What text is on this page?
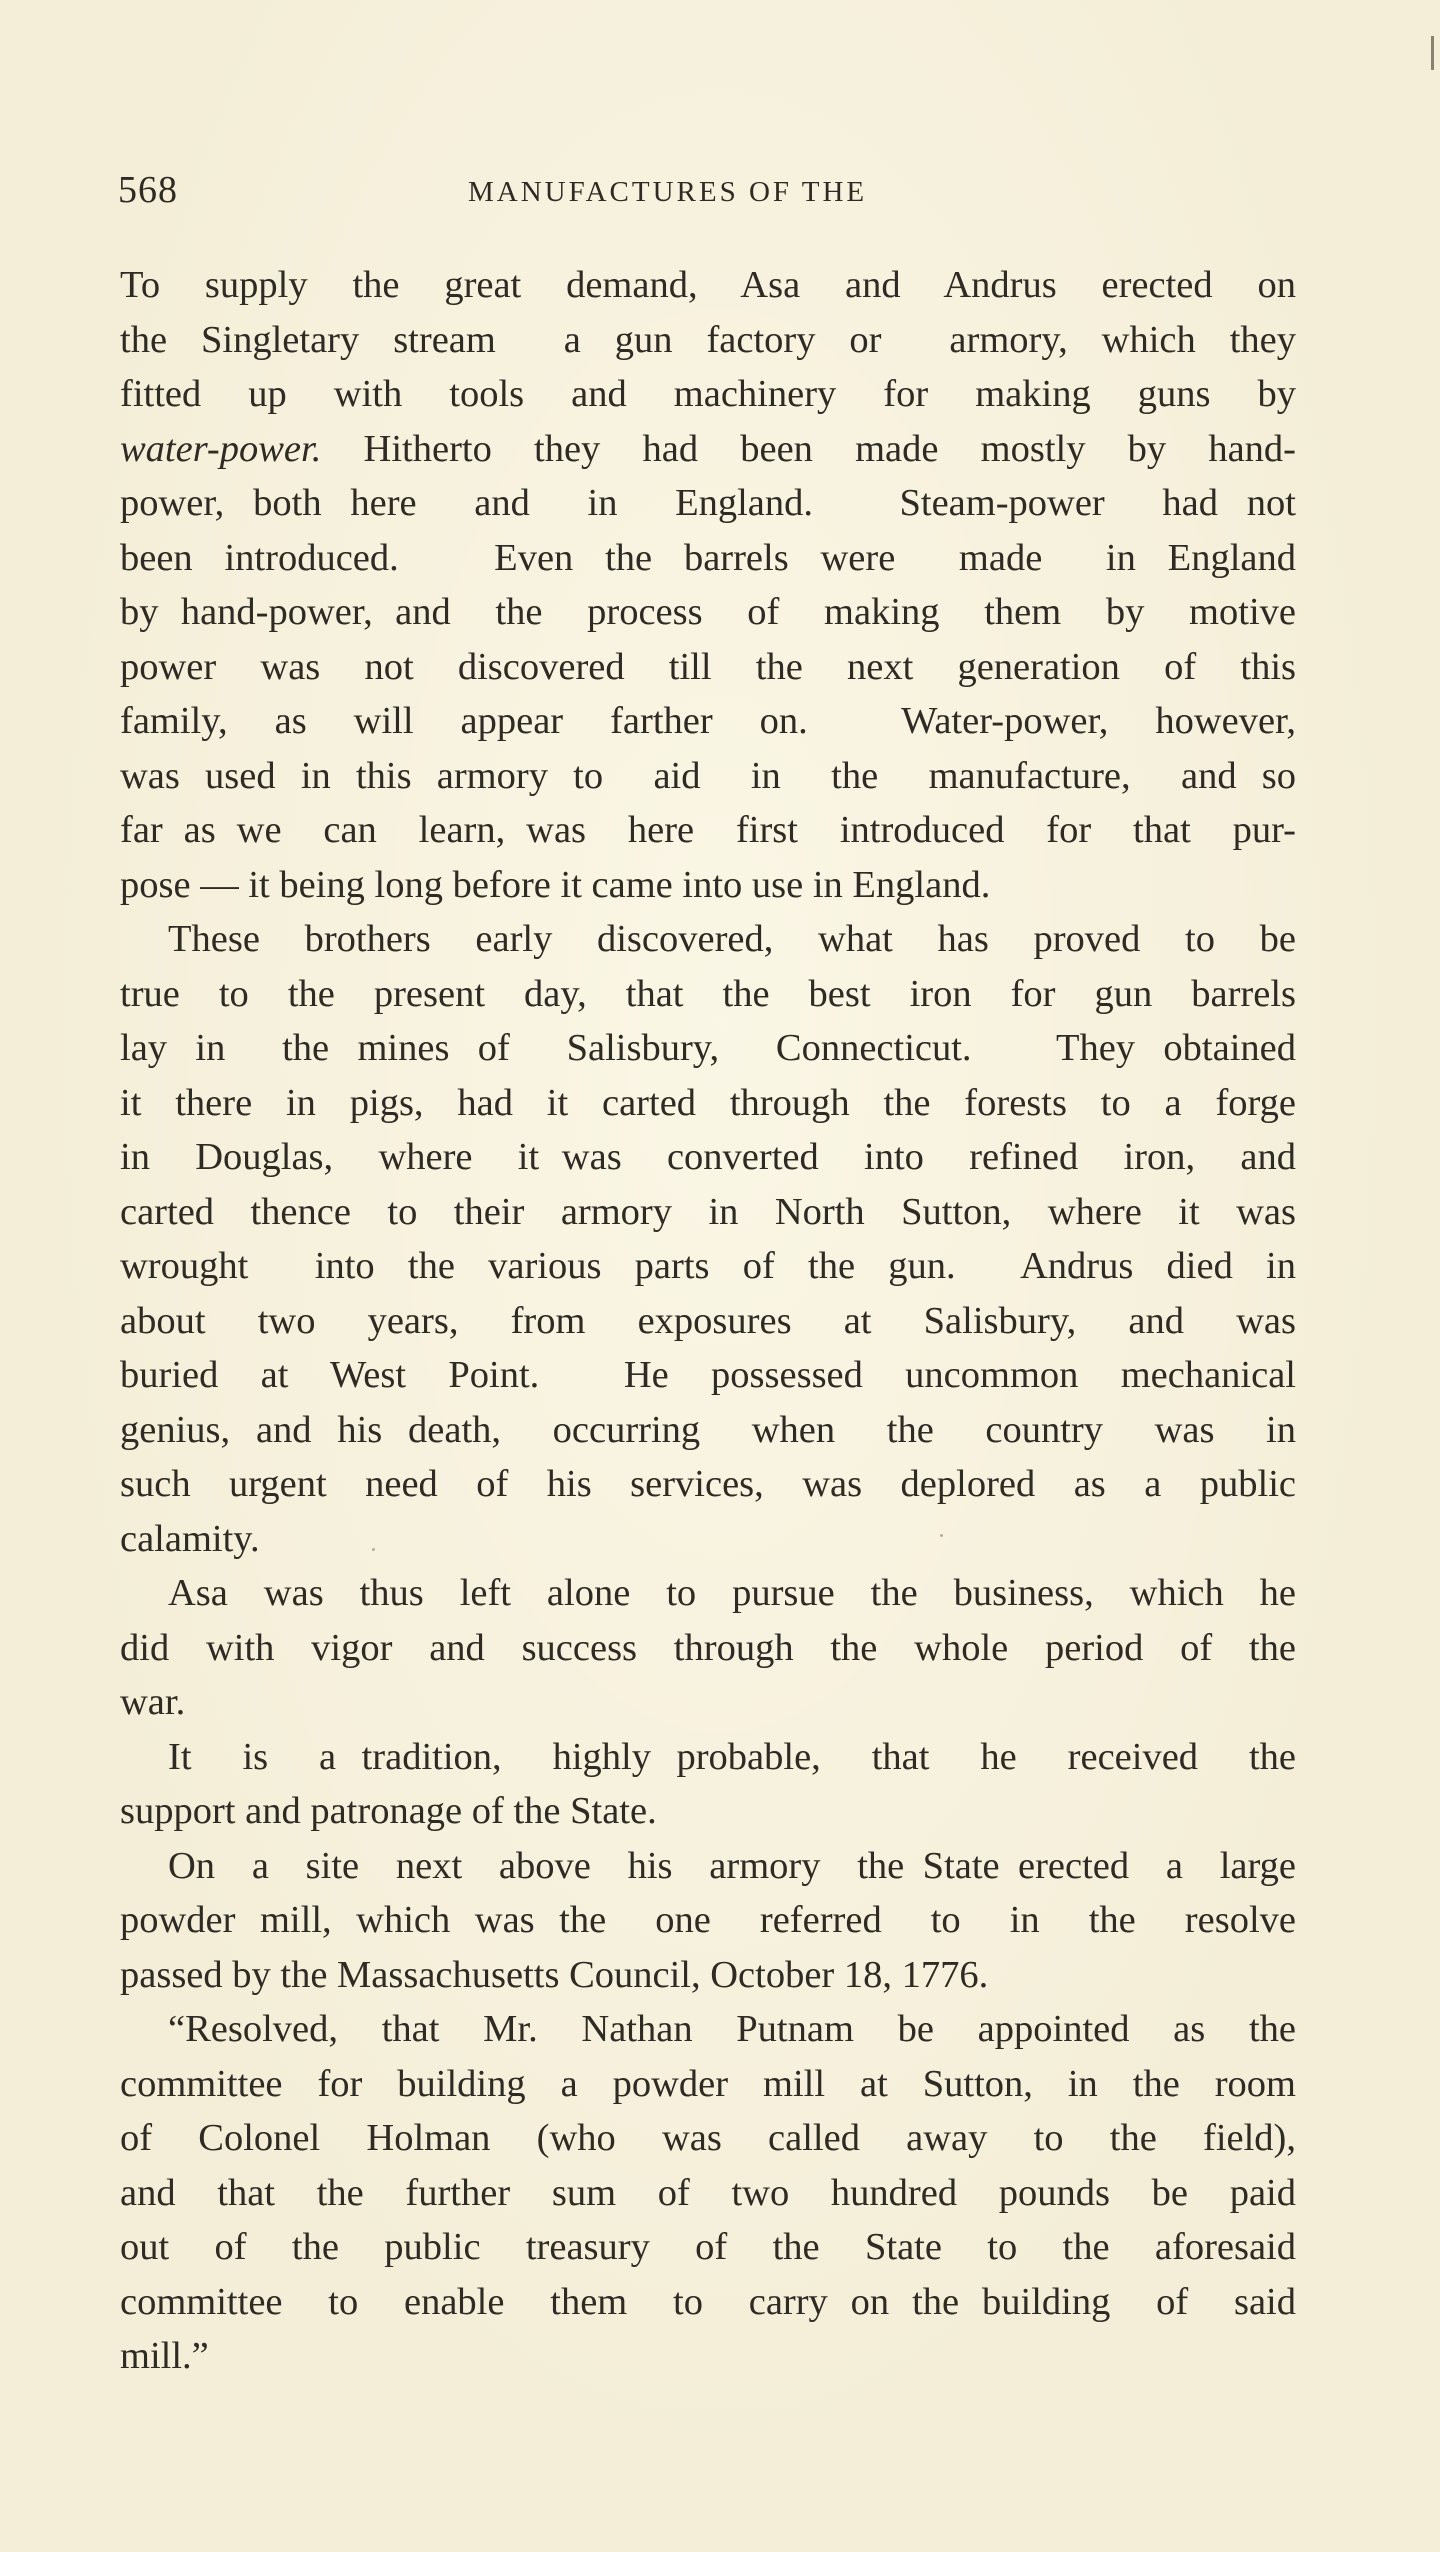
568	MANUFACTURES OF THE
To supply the great demand, Asa and Andrus erected on
the Singletary stream  a gun factory or  armory, which they
fitted  up  with  tools  and  machinery  for  making  guns  by
water-power. Hitherto they had been made mostly by hand-
power, both here  and  in  England.   Steam-power  had not
been introduced.   Even the barrels were  made  in England
by hand-power, and  the  process  of  making  them  by  motive
power  was  not  discovered  till  the  next  generation  of  this
family, as will appear farther on.  Water-power, however,
was used in this armory to  aid  in  the  manufacture,  and so
far as we  can  learn, was  here  first  introduced  for  that  pur-
pose — it being long before it came into use in England.
These brothers early discovered, what has proved to be
true  to  the  present  day,  that  the  best  iron  for  gun  barrels
lay in  the mines of  Salisbury,  Connecticut.   They obtained
it there in pigs, had it carted through the forests to a forge
in  Douglas,  where  it was  converted  into  refined  iron,  and
carted thence to their armory in North Sutton, where it was
wrought  into the various parts of the gun.  Andrus died in
about  two  years,  from  exposures  at  Salisbury,  and  was
buried at West Point.  He possessed uncommon mechanical
genius, and his death,  occurring  when  the  country  was  in
such  urgent  need  of  his  services,  was  deplored  as  a  public
calamity.
Asa was thus left alone to pursue the business, which he
did  with  vigor  and  success  through  the  whole  period  of  the
war.
It  is  a tradition,  highly probable,  that  he  received  the
support and patronage of the State.
On  a  site  next  above  his  armory  the State erected  a  large
powder mill, which was the  one  referred  to  in  the  resolve
passed by the Massachusetts Council, October 18, 1776.
“Resolved, that Mr. Nathan Putnam be appointed as the
committee for building a powder mill at Sutton, in the room
of  Colonel  Holman  (who  was  called  away  to  the  field),
and  that  the  further  sum  of  two  hundred  pounds  be  paid
out  of  the  public  treasury  of  the  State  to  the  aforesaid
committee  to  enable  them  to  carry on the building  of  said
mill.”
